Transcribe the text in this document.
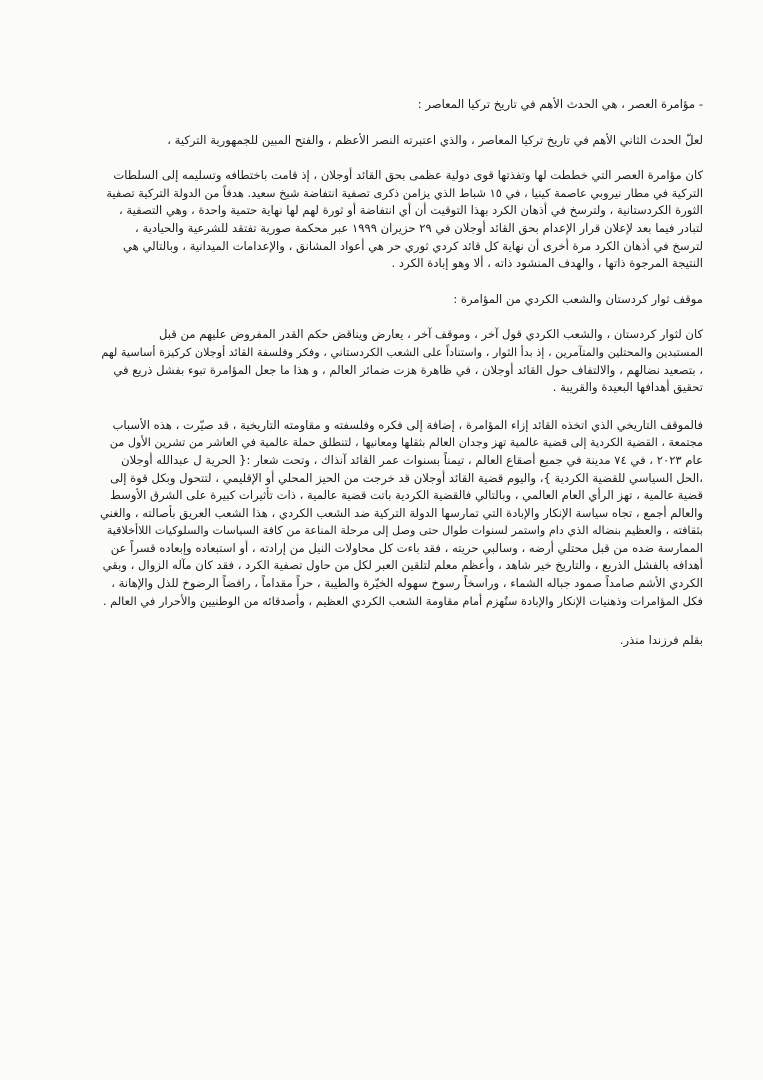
- مؤامرة العصر ، هي الحدث الأهم في تاريخ تركيا المعاصر :

لعلّ الحدث الثاني الأهم في تاريخ تركيا المعاصر ، والذي اعتبرته النصر الأعظم ، والفتح المبين للجمهورية التركية ،

كان مؤامرة العصر التي خططت لها وتفذتها قوى دولية عظمى بحق القائد أوجلان ، إذ قامت باختطافه وتسليمه إلى السلطات
التركية في مطار نيروبي عاصمة كينيا ، في ١٥ شباط الذي يزامن ذكرى تصفية انتفاضة شيخ سعيد. هدفاً من الدولة التركية تصفية
الثورة الكردستانية ، ولترسخ في أذهان الكرد بهذا التوقيت أن أي انتفاضة أو ثورة لهم لها نهاية حتمية واحدة ، وهي التصفية ،
لتبادر فيما بعد لإعلان قرار الإعدام بحق القائد أوجلان في ٢٩ حزيران ١٩٩٩ عبر محكمة صورية تفتقد للشرعية والحيادية ،
لترسخ في أذهان الكرد مرة أخرى أن نهاية كل قائد كردي ثوري حر هي أعواد المشانق ، والإعدامات الميدانية ، وبالتالي هي
النتيجة المرجوة ذاتها ، والهدف المنشود ذاته ، ألا وهو إبادة الكرد .

موقف ثوار كردستان والشعب الكردي من المؤامرة :

كان لثوار كردستان ، والشعب الكردي قول آخر ، وموقف آخر ، يعارض ويناقض حكم القدر المفروض عليهم من قبل
المستبدين والمحتلين والمتآمرين ، إذ بدأ الثوار ، واستناداً على الشعب الكردستاني ، وفكر وفلسفة القائد أوجلان كركيزة أساسية لهم
، بتصعيد نضالهم ، والالتفاف حول القائد أوجلان ، في ظاهرة هزت ضمائر العالم ، و هذا ما جعل المؤامرة تبوء بفشل ذريع في
تحقيق أهدافها البعيدة والقريبة .

فالموقف التاريخي الذي اتخذه القائد إزاء المؤامرة ، إضافة إلى فكره وفلسفته و مقاومته التاريخية ، قد صيّرت ، هذه الأسباب
مجتمعة ، القضية الكردية إلى قضية عالمية تهز وجدان العالم بثقلها ومعانيها ، لتنطلق حملة عالمية في العاشر من تشرين الأول من
عام ٢٠٢٣ ، في ٧٤ مدينة في جميع أصقاع العالم ، تيمناً بسنوات عمر القائد آنذاك ، وتحت شعار :{ الحرية ل عبدالله أوجلان
،الحل السياسي للقضية الكردية }، واليوم قضية القائد أوجلان قد خرجت من الحيز المحلي أو الإقليمي ، لتتحول وبكل قوة إلى
قضية عالمية ، تهز الرأي العام العالمي ، وبالتالي فالقضية الكردية باتت قضية عالمية ، ذات تأثيرات كبيرة على الشرق الأوسط
والعالم أجمع ، تجاه سياسة الإنكار والإبادة التي تمارسها الدولة التركية ضد الشعب الكردي ، هذا الشعب العريق بأصالته ، والغني
بثقافته ، والعظيم بنضاله الذي دام واستمر لسنوات طوال حتى وصل إلى مرحلة المناعة من كافة السياسات والسلوكيات اللاأخلاقية
الممارسة ضده من قبل محتلي أرضه ، وسالبي حريته ، فقد باءت كل محاولات النيل من إرادته ، أو استبعاده وإبعاده قسراً عن
أهدافه بالفشل الذريع ، والتاريخ خير شاهد ، وأعظم معلم لتلقين العبر لكل من حاول تصفية الكرد ، فقد كان مآله الزوال ، وبقي
الكردي الأشم صامداً صمود جباله الشماء ، وراسخاً رسوخ سهوله الخيّرة والطيبة ، حراً مقداماً ، رافضاً الرضوخ للذل والإهانة ،
فكل المؤامرات وذهنيات الإنكار والإبادة ستُهزم أمام مقاومة الشعب الكردي العظيم ، وأصدقائه من الوطنيين والأحرار في العالم .

بقلم فرزندا منذر.
